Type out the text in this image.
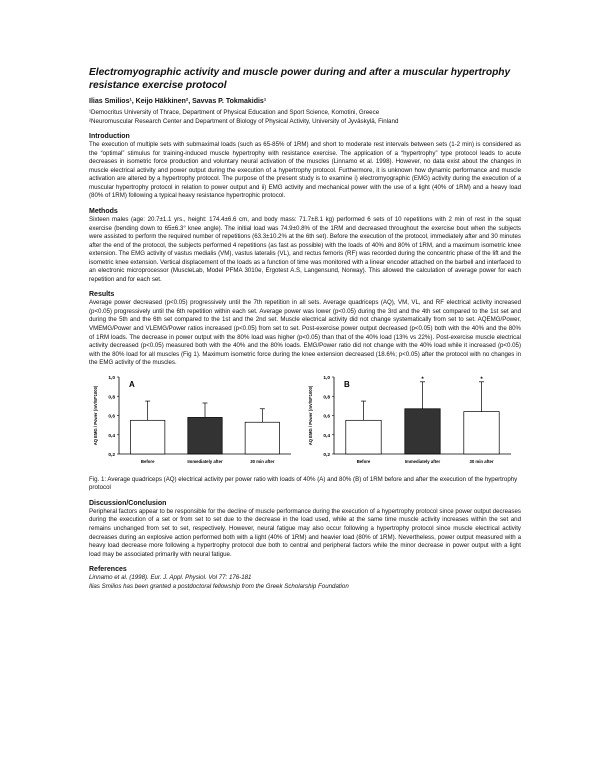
Electromyographic activity and muscle power during and after a muscular hypertrophy resistance exercise protocol
Ilias Smilios¹, Keijo Häkkinen², Savvas P. Tokmakidis¹
¹Democritus University of Thrace, Department of Physical Education and Sport Science, Komotini, Greece
²Neuromuscular Research Center and Department of Biology of Physical Activity, University of Jyväskylä, Finland
Introduction

The execution of multiple sets with submaximal loads (such as 65-85% of 1RM) and short to moderate rest intervals between sets (1-2 min) is considered as the “optimal” stimulus for training-induced muscle hypertrophy with resistance exercise. The application of a “hypertrophy” type protocol leads to acute decreases in isometric force production and voluntary neural activation of the muscles (Linnamo et al. 1998). However, no data exist about the changes in muscle electrical activity and power output during the execution of a hypertrophy protocol. Furthermore, it is unknown how dynamic performance and muscle activation are altered by a hypertrophy protocol. The purpose of the present study is to examine i) electromyographic (EMG) activity during the execution of a muscular hypertrophy protocol in relation to power output and ii) EMG activity and mechanical power with the use of a light (40% of 1RM) and a heavy load (80% of 1RM) following a typical heavy resistance hypertrophic protocol.

Methods

Sixteen males (age: 20.7±1.1 yrs., height: 174.4±6.6 cm, and body mass: 71.7±8.1 kg) performed 6 sets of 10 repetitions with 2 min of rest in the squat exercise (bending down to 65±6.3° knee angle). The initial load was 74.9±0.8% of the 1RM and decreased throughout the exercise bout when the subjects were assisted to perform the required number of repetitions (63.3±10.2% at the 6th set). Before the execution of the protocol, immediately after and 30 minutes after the end of the protocol, the subjects performed 4 repetitions (as fast as possible) with the loads of 40% and 80% of 1RM, and a maximum isometric knee extension. The EMG activity of vastus medialis (VM), vastus lateralis (VL), and rectus femoris (RF) was recorded during the concentric phase of the lift and the isometric knee extension. Vertical displacement of the loads as a function of time was monitored with a linear encoder attached on the barbell and interfaced to an electronic microprocessor (MuscleLab, Model PFMA 3010e, Ergotest A.S, Langensund, Norway). This allowed the calculation of average power for each repetition and for each set.

Results

Average power decreased (p<0.05) progressively until the 7th repetition in all sets. Average quadriceps (AQ), VM, VL, and RF electrical activity increased (p<0.05) progressively until the 6th repetition within each set. Average power was lower (p<0.05) during the 3rd and the 4th set compared to the 1st set and during the 5th and the 6th set compared to the 1st and the 2nd set. Muscle electrical activity did not change systematically from set to set. AQEMG/Power, VMEMG/Power and VLEMG/Power ratios increased (p<0.05) from set to set. Post-exercise power output decreased (p<0.05) both with the 40% and the 80% of 1RM loads. The decrease in power output with the 80% load was higher (p<0.05) than that of the 40% load (13% vs 22%). Post-exercise muscle electrical activity decreased (p<0.05) measured both with the 40% and the 80% loads. EMG/Power ratio did not change with the 40% load while it increased (p<0.05) with the 80% load for all muscles (Fig 1). Maximum isometric force during the knee extension decreased (18.6%; p<0.05) after the protocol with no changes in the EMG activity of the muscles.

0,2
0,4
0,6
0,8
1,0
AQ EMG / Power (mV/W*1000)
A
Before	Immediately after	30 min after
0,2
0,4
0,6
0,8
1,0
AQ EMG / Power (mV/W*1000)
B
Before
*
Immediately after
*
30 min after
Fig. 1: Average quadriceps (AQ) electrical activity per power ratio with loads of 40% (A) and 80% (B) of 1RM before and after the execution of the hypertrophy protocol
Discussion/Conclusion

Peripheral factors appear to be responsible for the decline of muscle performance during the execution of a hypertrophy protocol since power output decreases during the execution of a set or from set to set due to the decrease in the load used, while at the same time muscle activity increases within the set and remains unchanged from set to set, respectively. However, neural fatigue may also occur following a hypertrophy protocol since muscle electrical activity decreases during an explosive action performed both with a light (40% of 1RM) and heavier load (80% of 1RM). Nevertheless, power output measured with a heavy load decrease more following a hypertrophy protocol due both to central and peripheral factors while the minor decrease in power output with a light load may be associated primarily with neural fatigue.

References

Linnamo et al. (1998). Eur. J. Appl. Physiol. Vol 77: 176-181

Ilias Smilios has been granted a postdoctoral fellowship from the Greek Scholarship Foundation
